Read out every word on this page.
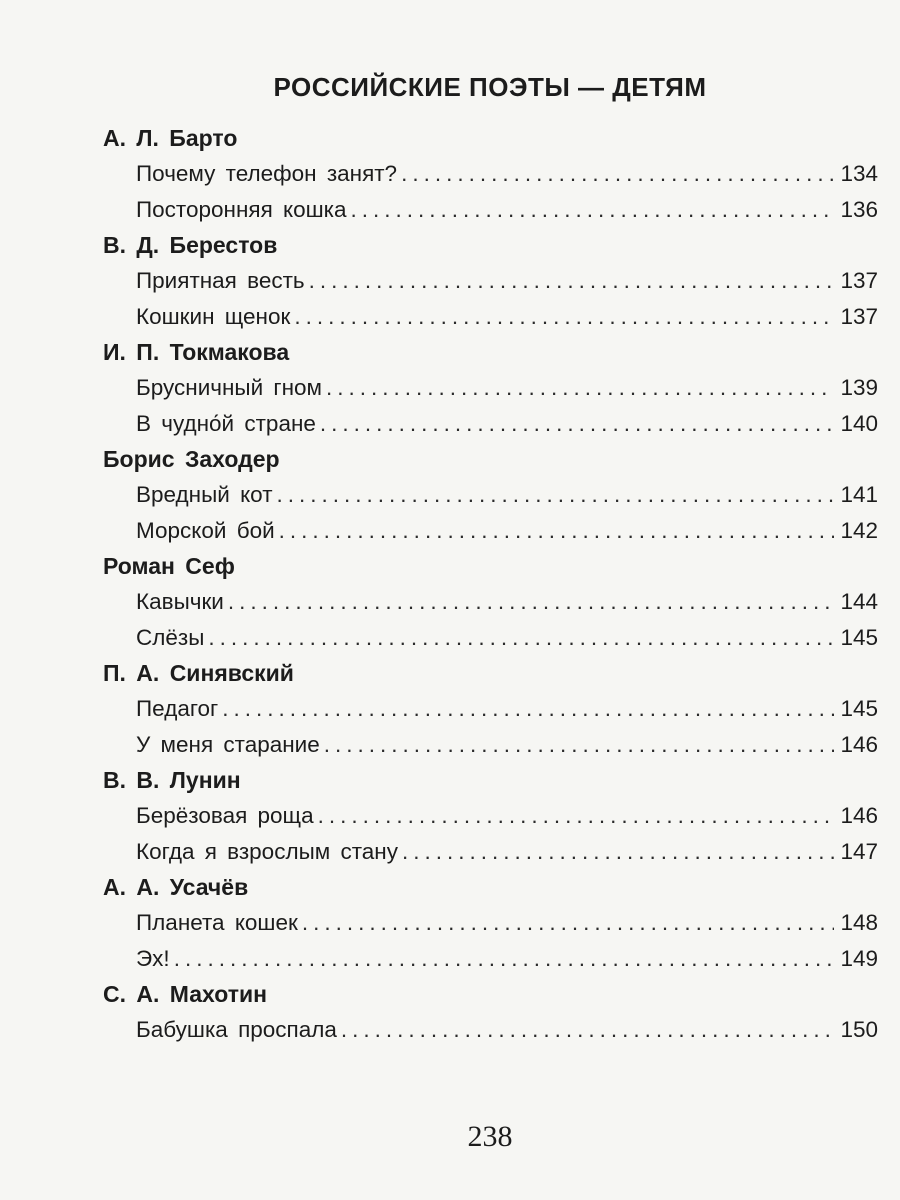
РОССИЙСКИЕ ПОЭТЫ — ДЕТЯМ
А. Л. Барто
Почему телефон занят? .....	134
Посторонняя кошка .....	136
В. Д. Берестов
Приятная весть .....	137
Кошкин щенок .....	137
И. П. Токмакова
Брусничный гном .....	139
В чудно́й стране .....	140
Борис Заходер
Вредный кот .....	141
Морской бой .....	142
Роман Сеф
Кавычки .....	144
Слёзы .....	145
П. А. Синявский
Педагог .....	145
У меня старание .....	146
В. В. Лунин
Берёзовая роща .....	146
Когда я взрослым стану .....	147
А. А. Усачёв
Планета кошек .....	148
Эх! .....	149
С. А. Махотин
Бабушка проспала .....	150
238
